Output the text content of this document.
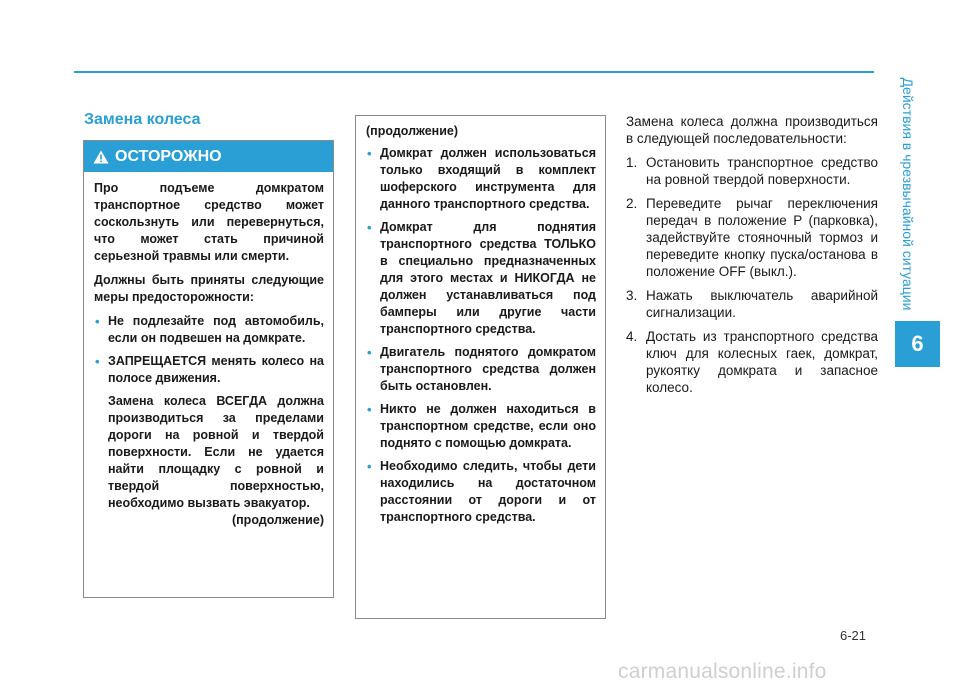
Действия в чрезвычайной ситуации
6
Замена колеса
ОСТОРОЖНО

Про подъеме домкратом транспортное средство может соскользнуть или перевернуться, что может стать причиной серьезной травмы или смерти.

Должны быть приняты следующие меры предосторожности:

• Не подлезайте под автомобиль, если он подвешен на домкрате.
• ЗАПРЕЩАЕТСЯ менять колесо на полосе движения.
Замена колеса ВСЕГДА должна производиться за пределами дороги на ровной и твердой поверхности. Если не удается найти площадку с ровной и твердой поверхностью, необходимо вызвать эвакуатор.
(продолжение)

(продолжение)

• Домкрат должен использоваться только входящий в комплект шоферского инструмента для данного транспортного средства.
• Домкрат для поднятия транспортного средства ТОЛЬКО в специально предназначенных для этого местах и НИКОГДА не должен устанавливаться под бамперы или другие части транспортного средства.
• Двигатель поднятого домкратом транспортного средства должен быть остановлен.
• Никто не должен находиться в транспортном средстве, если оно поднято с помощью домкрата.
• Необходимо следить, чтобы дети находились на достаточном расстоянии от дороги и от транспортного средства.

Замена колеса должна производиться в следующей последовательности:

1. Остановить транспортное средство на ровной твердой поверхности.
2. Переведите рычаг переключения передач в положение P (парковка), задействуйте стояночный тормоз и переведите кнопку пуска/останова в положение OFF (выкл.).
3. Нажать выключатель аварийной сигнализации.
4. Достать из транспортного средства ключ для колесных гаек, домкрат, рукоятку домкрата и запасное колесо.
6-21
carmanualsonline.info
